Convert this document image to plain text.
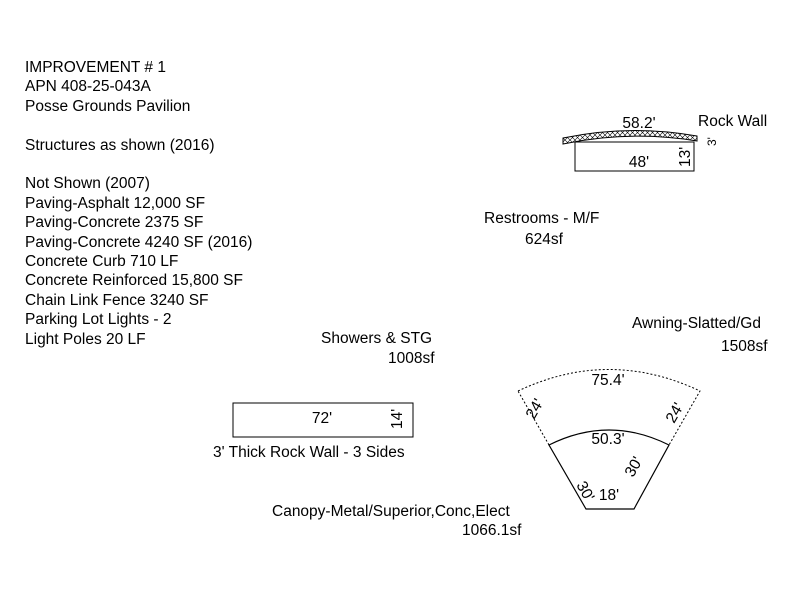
IMPROVEMENT # 1
APN 408-25-043A
Posse Grounds Pavilion
Structures as shown (2016)
Not Shown (2007)
Paving-Asphalt 12,000 SF
Paving-Concrete 2375 SF
Paving-Concrete 4240 SF (2016)
Concrete Curb 710 LF
Concrete Reinforced 15,800 SF
Chain Link Fence 3240 SF
Parking Lot Lights - 2
Light Poles 20 LF
58.2'	Rock Wall
3'
48' 13'
Restrooms - M/F
624sf
Showers & STG
1008sf
72'	14'
3' Thick Rock Wall - 3 Sides
Awning-Slatted/Gd
1508sf
75.4'
24'	24'
50.3'
30'
30'
18'
Canopy-Metal/Superior,Conc,Elect
1066.1sf
